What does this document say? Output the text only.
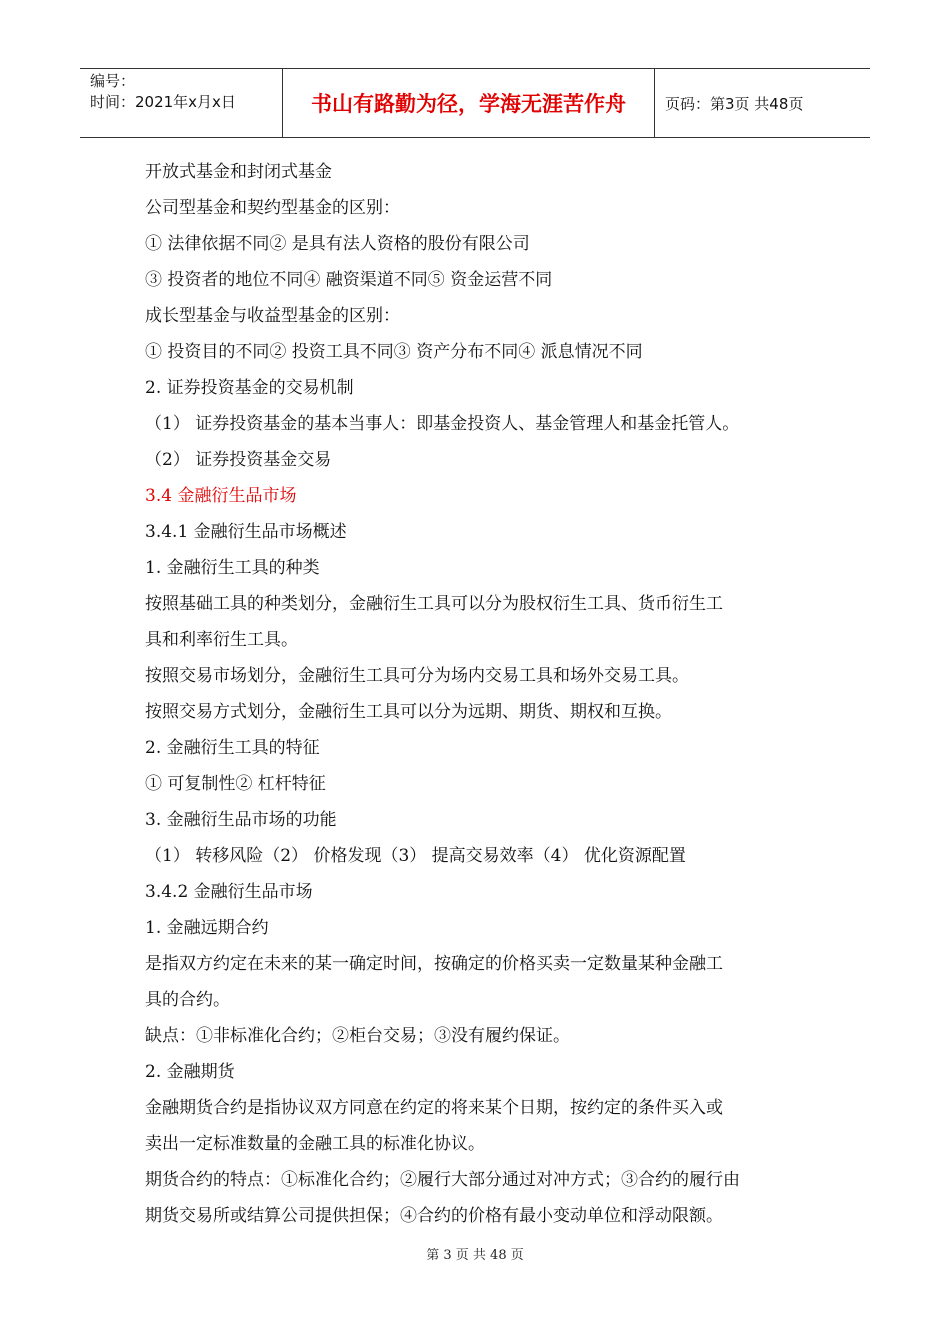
编号：
时间：2021年x月x日	书山有路勤为径，学海无涯苦作舟	页码：第3页 共48页
开放式基金和封闭式基金
公司型基金和契约型基金的区别：
① 法律依据不同② 是具有法人资格的股份有限公司
③ 投资者的地位不同④ 融资渠道不同⑤ 资金运营不同
成长型基金与收益型基金的区别：
① 投资目的不同② 投资工具不同③ 资产分布不同④ 派息情况不同
2. 证券投资基金的交易机制
（1） 证券投资基金的基本当事人：即基金投资人、基金管理人和基金托管人。
（2） 证券投资基金交易
3.4 金融衍生品市场
3.4.1 金融衍生品市场概述
1. 金融衍生工具的种类
按照基础工具的种类划分，金融衍生工具可以分为股权衍生工具、货币衍生工
具和利率衍生工具。
按照交易市场划分，金融衍生工具可分为场内交易工具和场外交易工具。
按照交易方式划分，金融衍生工具可以分为远期、期货、期权和互换。
2. 金融衍生工具的特征
① 可复制性② 杠杆特征
3. 金融衍生品市场的功能
（1） 转移风险（2） 价格发现（3） 提高交易效率（4） 优化资源配置
3.4.2 金融衍生品市场
1. 金融远期合约
是指双方约定在未来的某一确定时间，按确定的价格买卖一定数量某种金融工
具的合约。
缺点：①非标准化合约；②柜台交易；③没有履约保证。
2. 金融期货
金融期货合约是指协议双方同意在约定的将来某个日期，按约定的条件买入或
卖出一定标准数量的金融工具的标准化协议。
期货合约的特点：①标准化合约；②履行大部分通过对冲方式；③合约的履行由
期货交易所或结算公司提供担保；④合约的价格有最小变动单位和浮动限额。
第 3 页 共 48 页
